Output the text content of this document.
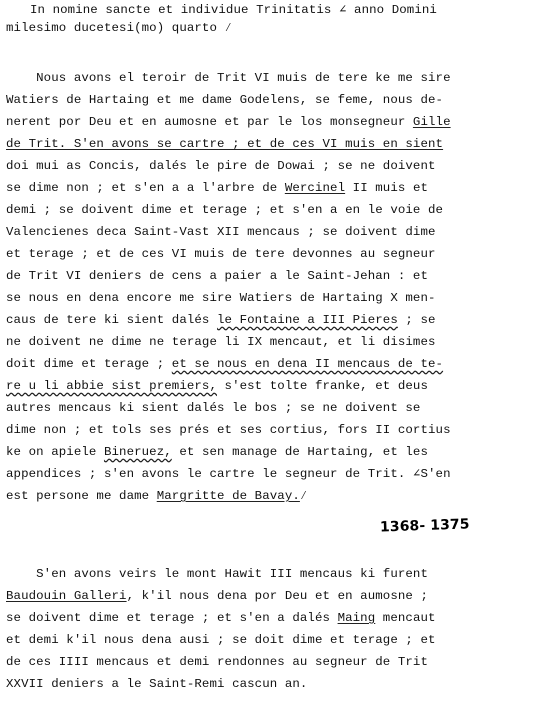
In nomine sancte et individue Trinitatis ∠ anno Domini
milesimo ducetesi(mo) quarto ⁄
Nous avons el teroir de Trit VI muis de tere ke me sire
Watiers de Hartaing et me dame Godelens, se feme, nous de-
nerent por Deu et en aumosne et par le los monsegneur Gille
de Trit. S'en avons se cartre ; et de ces VI muis en sient
doi mui as Concis, dalés le pire de Dowai ; se ne doivent
se dime non ; et s'en a a l'arbre de Wercinel II muis et
demi ; se doivent dime et terage ; et s'en a en le voie de
Valencienes deca Saint-Vast XII mencaus ; se doivent dime
et terage ; et de ces VI muis de tere devonnes au segneur
de Trit VI deniers de cens a paier a le Saint-Jehan : et
se nous en dena encore me sire Watiers de Hartaing X men-
caus de tere ki sient dalés le Fontaine a III Pieres ; se
ne doivent ne dime ne terage li IX mencaut, et li disimes
doit dime et terage ; et se nous en dena II mencaus de te-
re u li abbie sist premiers, s'est tolte franke, et deus
autres mencaus ki sient dalés le bos ; se ne doivent se
dime non ; et tols ses prés et ses cortius, fors II cortius
ke on apiele Bineruez, et sen manage de Hartaing, et les
appendices ; s'en avons le cartre le segneur de Trit. ∠S'en
est persone me dame Margritte de Bavay.⁄
1368- 1375
S'en avons veirs le mont Hawit III mencaus ki furent
Baudouin Galleri, k'il nous dena por Deu et en aumosne ;
se doivent dime et terage ; et s'en a dalés Maing mencaut
et demi k'il nous dena ausi ; se doit dime et terage ; et
de ces IIII mencaus et demi rendonnes au segneur de Trit
XXVII deniers a le Saint-Remi cascun an.
